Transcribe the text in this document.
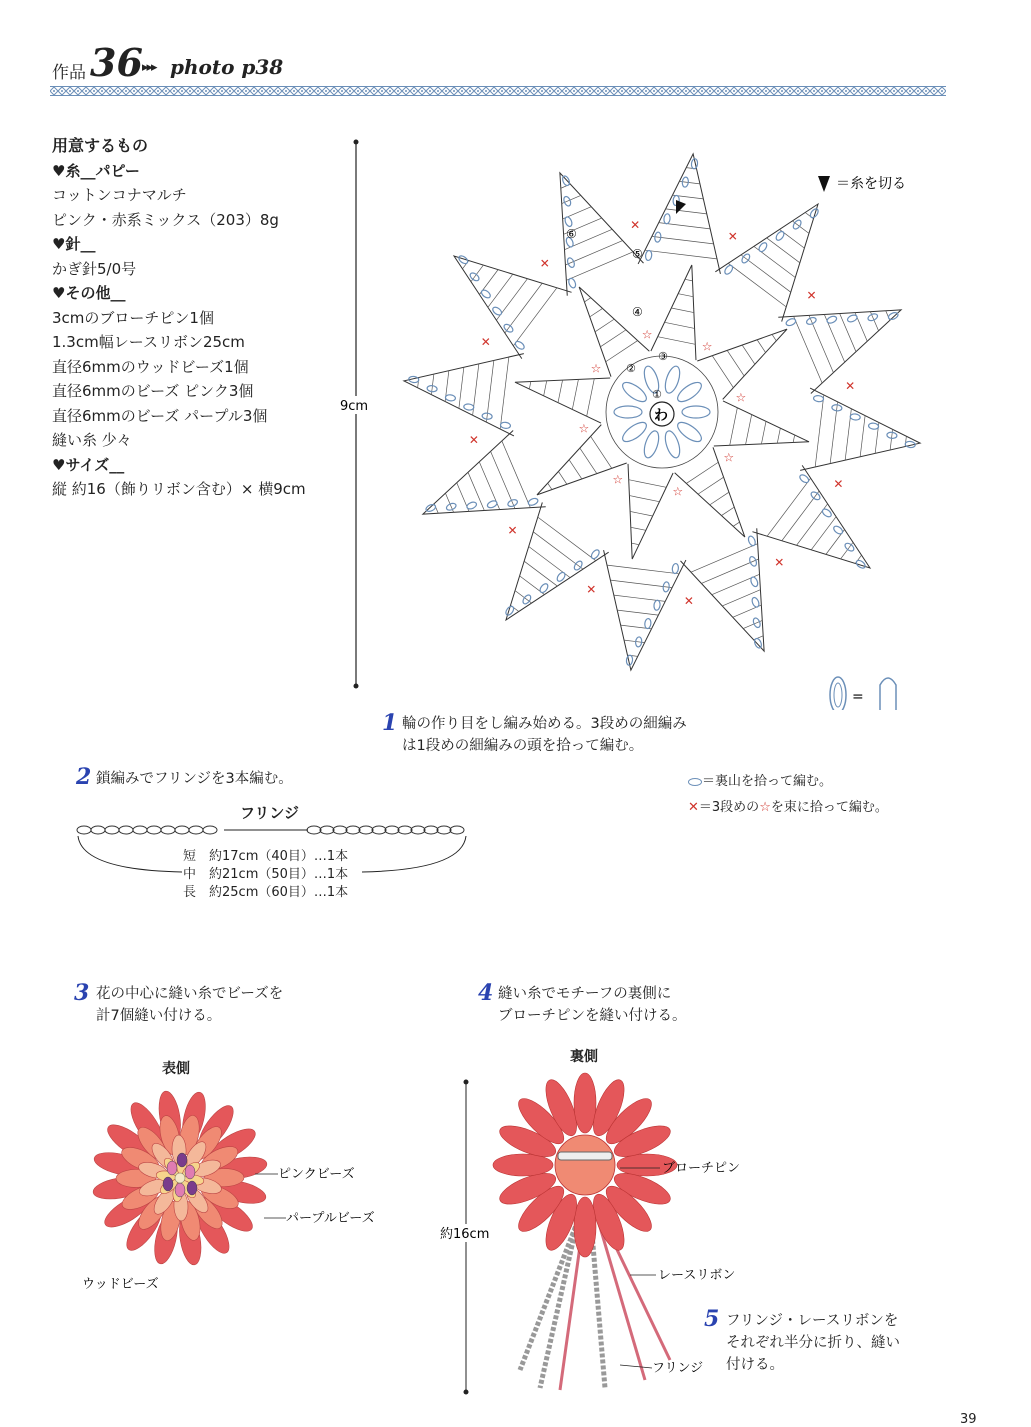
作品 36 ▸▸▸ photo p38
用意するもの
♥糸__パピー
コットンコナマルチ
ピンク・赤系ミックス（203）8g
♥針__
かぎ針5/0号
♥その他__
3cmのブローチピン1個
1.3cm幅レースリボン25cm
直径6mmのウッドビーズ1個
直径6mmのビーズ ピンク3個
直径6mmのビーズ パープル3個
縫い糸 少々
♥サイズ__
縦 約16（飾りリボン含む）× 横9cm
9cm
＝糸を切る
✕
✕
✕
✕
✕
✕
✕
✕
✕
✕
✕
✕
☆
☆
☆
☆
☆
☆
☆
☆
⑥
⑤
④
③
②
①
わ
=
1 輪の作り目をし編み始める。3段めの細編み
は1段めの細編みの頭を拾って編む。
＝裏山を拾って編む。
✕＝3段めの☆を束に拾って編む。
2 鎖編みでフリンジを3本編む。
フリンジ
短　約17cm（40目）…1本
中　約21cm（50目）…1本
長　約25cm（60目）…1本
3 花の中心に縫い糸でビーズを
計7個縫い付ける。
4 縫い糸でモチーフの裏側に
ブローチピンを縫い付ける。
表側
ピンクビーズ
パープルビーズ
ウッドビーズ
裏側
約16cm
ブローチピン
レースリボン
フリンジ
5 フリンジ・レースリボンを
それぞれ半分に折り、縫い
付ける。
39
